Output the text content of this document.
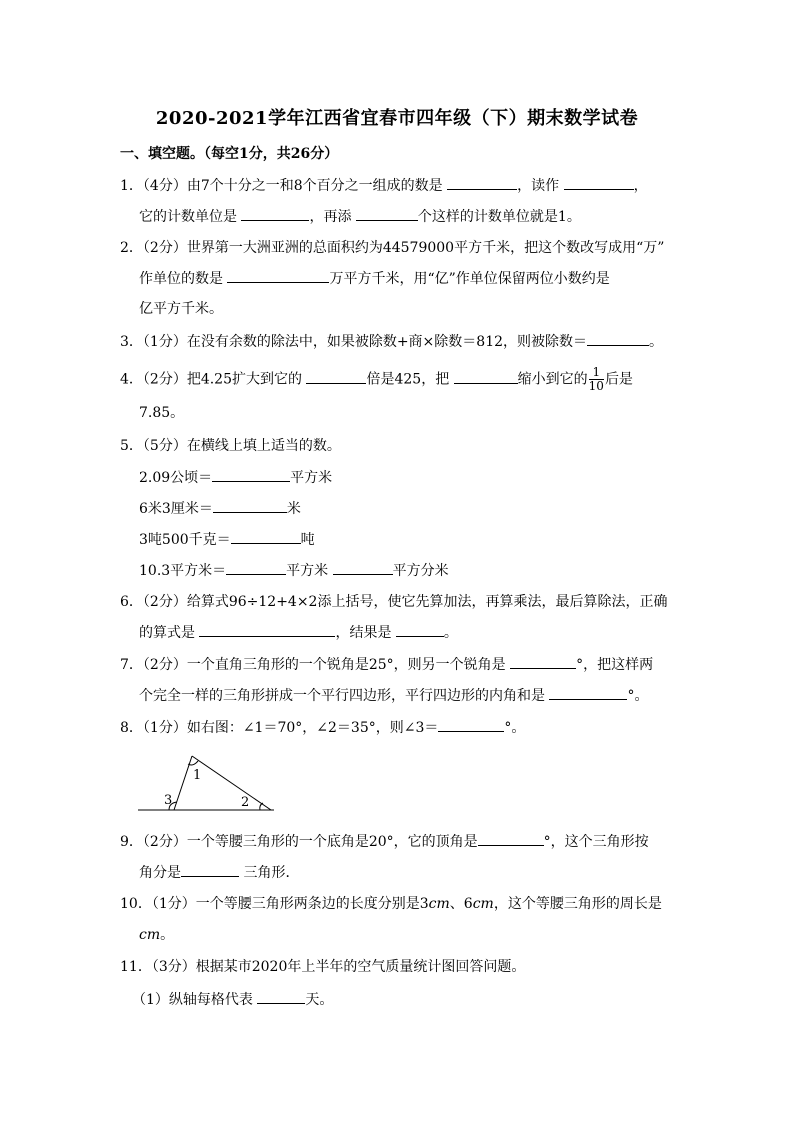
2020-2021学年江西省宜春市四年级（下）期末数学试卷
一、填空题。（每空1分，共26分）
1．（4分）由7个十分之一和8个百分之一组成的数是	，读作	，
它的计数单位是	，再添	个这样的计数单位就是1。
2．（2分）世界第一大洲亚洲的总面积约为44579000平方千米，把这个数改写成用“万”
作单位的数是	万平方千米，用“亿”作单位保留两位小数约是
亿平方千米。
3．（1分）在没有余数的除法中，如果被除数+商×除数＝812，则被除数＝	。
4．（2分）把4.25扩大到它的	倍是425，把	缩小到它的 $\frac{1}{10}$ 后是
7.85。
5．（5分）在横线上填上适当的数。
2.09公顷＝	平方米
6米3厘米＝	米
3吨500千克＝	吨
10.3平方米＝	平方米	平方分米
6．（2分）给算式96÷12+4×2添上括号，使它先算加法，再算乘法，最后算除法，正确
的算式是	，结果是	。
7．（2分）一个直角三角形的一个锐角是25°，则另一个锐角是	°，把这样两
个完全一样的三角形拼成一个平行四边形，平行四边形的内角和是	°。
8．（1分）如右图：∠1＝70°，∠2＝35°，则∠3＝	°。
1
2
3
9．（2分）一个等腰三角形的一个底角是20°，它的顶角是	°，这个三角形按
角分是	三角形．
10．（1分）一个等腰三角形两条边的长度分别是3cm、6cm，这个等腰三角形的周长是
cm。
11．（3分）根据某市2020年上半年的空气质量统计图回答问题。
（1）纵轴每格代表	天。
